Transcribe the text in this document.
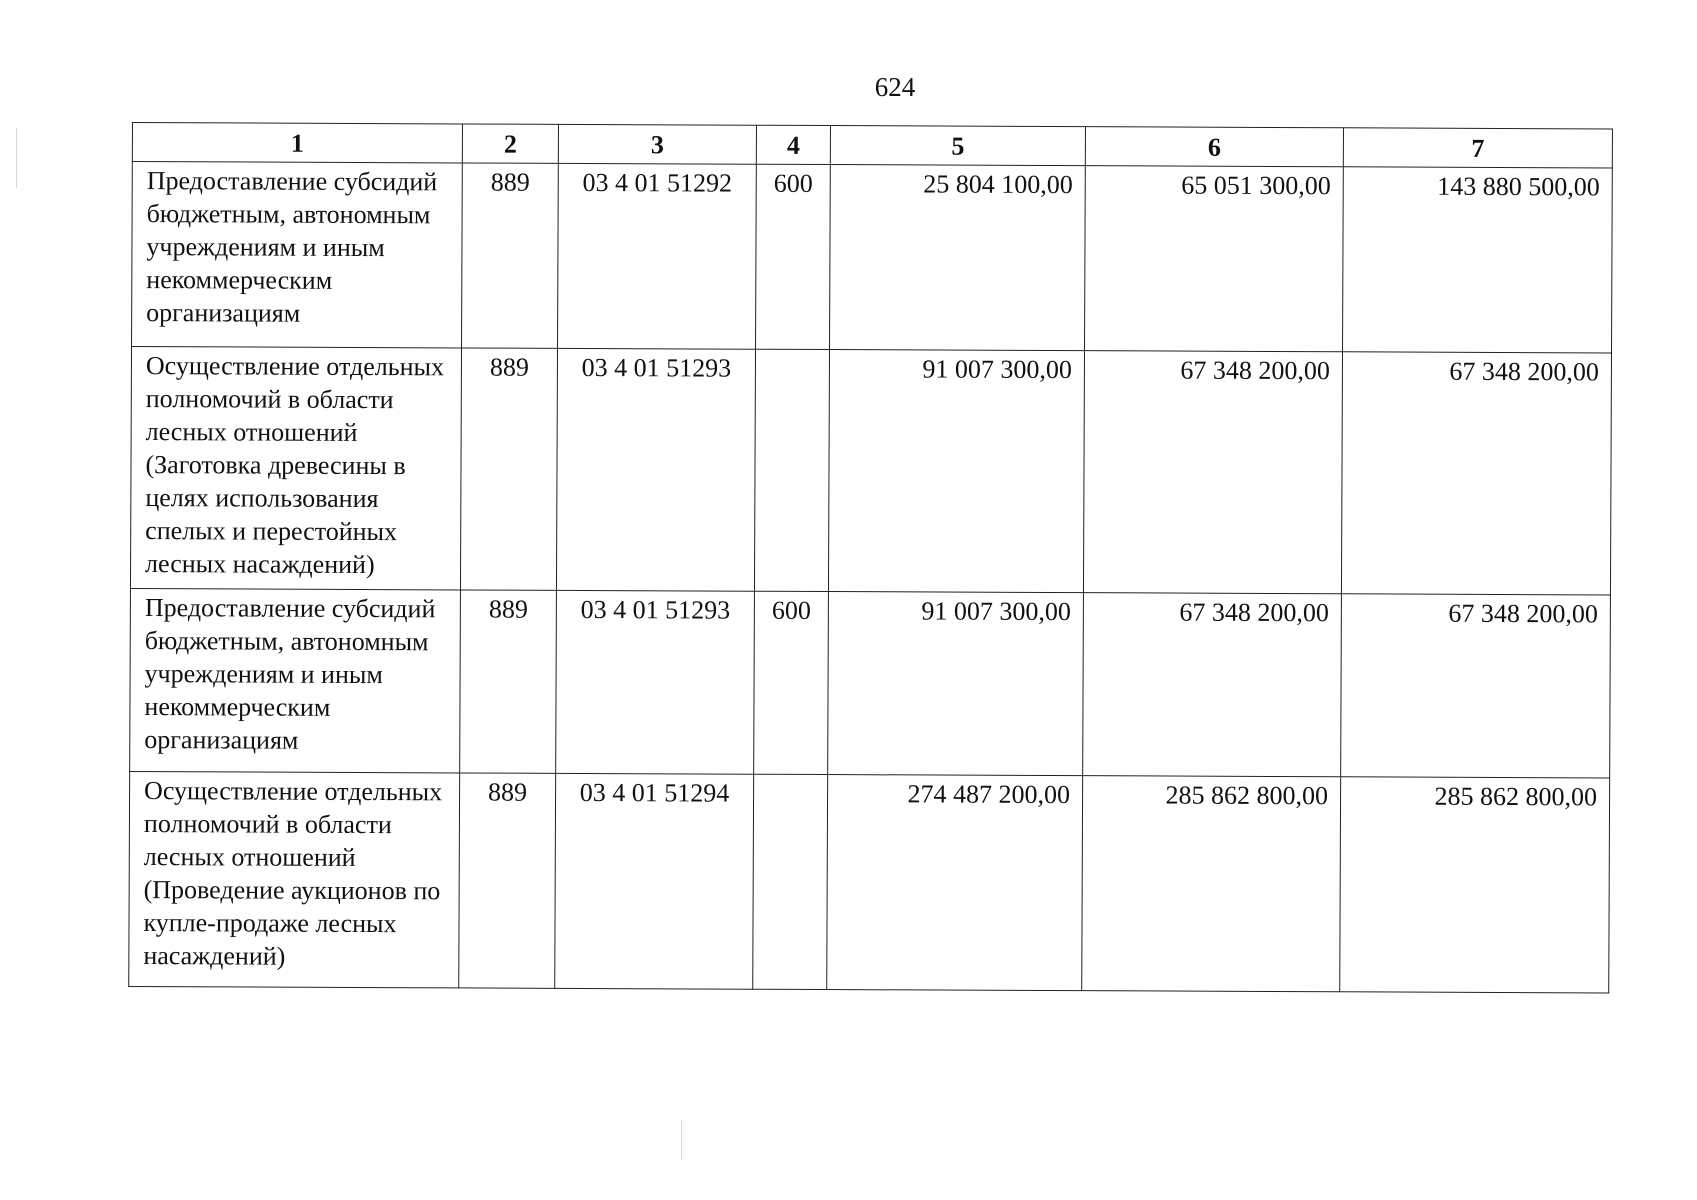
624
1	2	3	4	5	6	7
Предоставление субсидий бюджетным, автономным учреждениям и иным некоммерческим организациям	889	03 4 01 51292	600	25 804 100,00	65 051 300,00	143 880 500,00
Осуществление отдельных полномочий в области лесных отношений (Заготовка древесины в целях использования спелых и перестойных лесных насаждений)	889	03 4 01 51293		91 007 300,00	67 348 200,00	67 348 200,00
Предоставление субсидий бюджетным, автономным учреждениям и иным некоммерческим организациям	889	03 4 01 51293	600	91 007 300,00	67 348 200,00	67 348 200,00
Осуществление отдельных полномочий в области лесных отношений (Проведение аукционов по купле-продаже лесных насаждений)	889	03 4 01 51294		274 487 200,00	285 862 800,00	285 862 800,00
